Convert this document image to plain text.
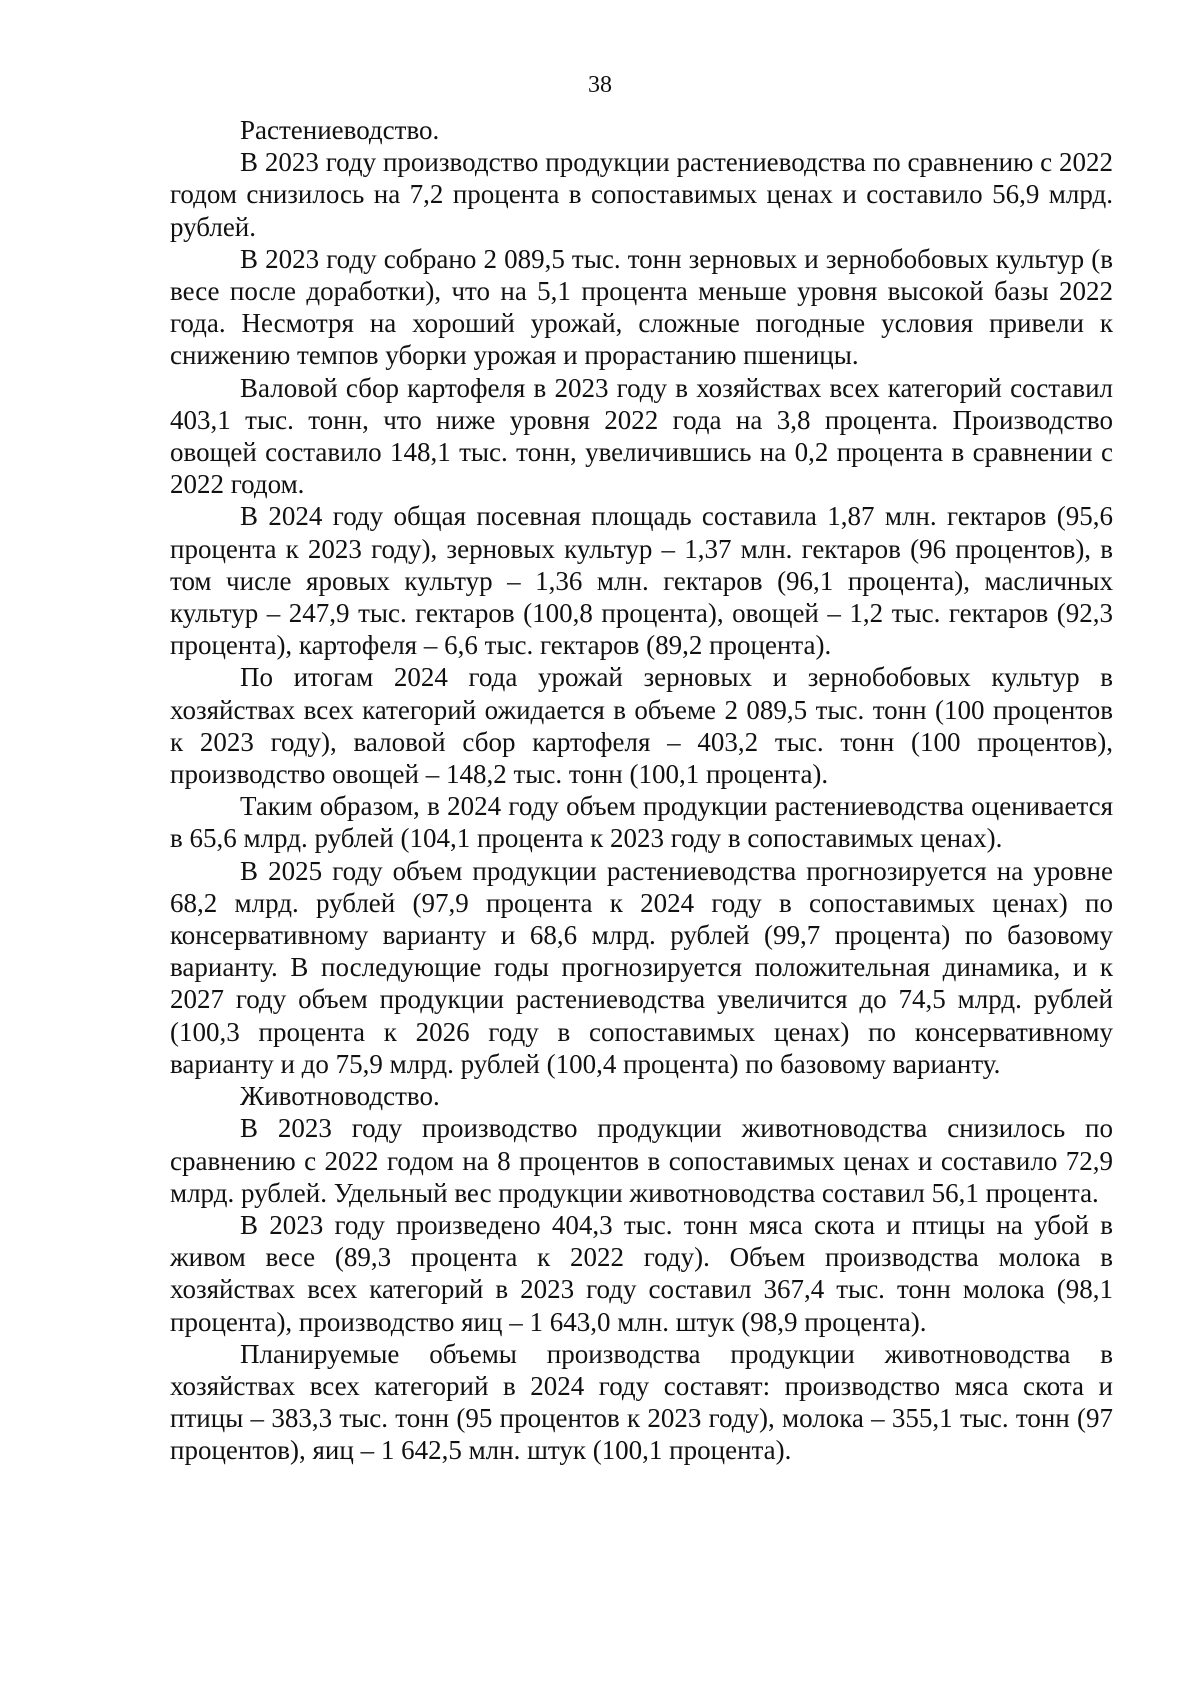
38

Растениеводство.

В 2023 году производство продукции растениеводства по сравнению с 2022 годом снизилось на 7,2 процента в сопоставимых ценах и составило 56,9 млрд. рублей.

В 2023 году собрано 2 089,5 тыс. тонн зерновых и зернобобовых культур (в весе после доработки), что на 5,1 процента меньше уровня высокой базы 2022 года. Несмотря на хороший урожай, сложные погодные условия привели к снижению темпов уборки урожая и прорастанию пшеницы.

Валовой сбор картофеля в 2023 году в хозяйствах всех категорий составил 403,1 тыс. тонн, что ниже уровня 2022 года на 3,8 процента. Производство овощей составило 148,1 тыс. тонн, увеличившись на 0,2 процента в сравнении с 2022 годом.

В 2024 году общая посевная площадь составила 1,87 млн. гектаров (95,6 процента к 2023 году), зерновых культур – 1,37 млн. гектаров (96 процентов), в том числе яровых культур – 1,36 млн. гектаров (96,1 процента), масличных культур – 247,9 тыс. гектаров (100,8 процента), овощей – 1,2 тыс. гектаров (92,3 процента), картофеля – 6,6 тыс. гектаров (89,2 процента).

По итогам 2024 года урожай зерновых и зернобобовых культур в хозяйствах всех категорий ожидается в объеме 2 089,5 тыс. тонн (100 процентов к 2023 году), валовой сбор картофеля – 403,2 тыс. тонн (100 процентов), производство овощей – 148,2 тыс. тонн (100,1 процента).

Таким образом, в 2024 году объем продукции растениеводства оценивается в 65,6 млрд. рублей (104,1 процента к 2023 году в сопоставимых ценах).

В 2025 году объем продукции растениеводства прогнозируется на уровне 68,2 млрд. рублей (97,9 процента к 2024 году в сопоставимых ценах) по консервативному варианту и 68,6 млрд. рублей (99,7 процента) по базовому варианту. В последующие годы прогнозируется положительная динамика, и к 2027 году объем продукции растениеводства увеличится до 74,5 млрд. рублей (100,3 процента к 2026 году в сопоставимых ценах) по консервативному варианту и до 75,9 млрд. рублей (100,4 процента) по базовому варианту.

Животноводство.

В 2023 году производство продукции животноводства снизилось по сравнению с 2022 годом на 8 процентов в сопоставимых ценах и составило 72,9 млрд. рублей. Удельный вес продукции животноводства составил 56,1 процента.

В 2023 году произведено 404,3 тыс. тонн мяса скота и птицы на убой в живом весе (89,3 процента к 2022 году). Объем производства молока в хозяйствах всех категорий в 2023 году составил 367,4 тыс. тонн молока (98,1 процента), производство яиц – 1 643,0 млн. штук (98,9 процента).

Планируемые объемы производства продукции животноводства в хозяйствах всех категорий в 2024 году составят: производство мяса скота и птицы – 383,3 тыс. тонн (95 процентов к 2023 году), молока – 355,1 тыс. тонн (97 процентов), яиц – 1 642,5 млн. штук (100,1 процента).
